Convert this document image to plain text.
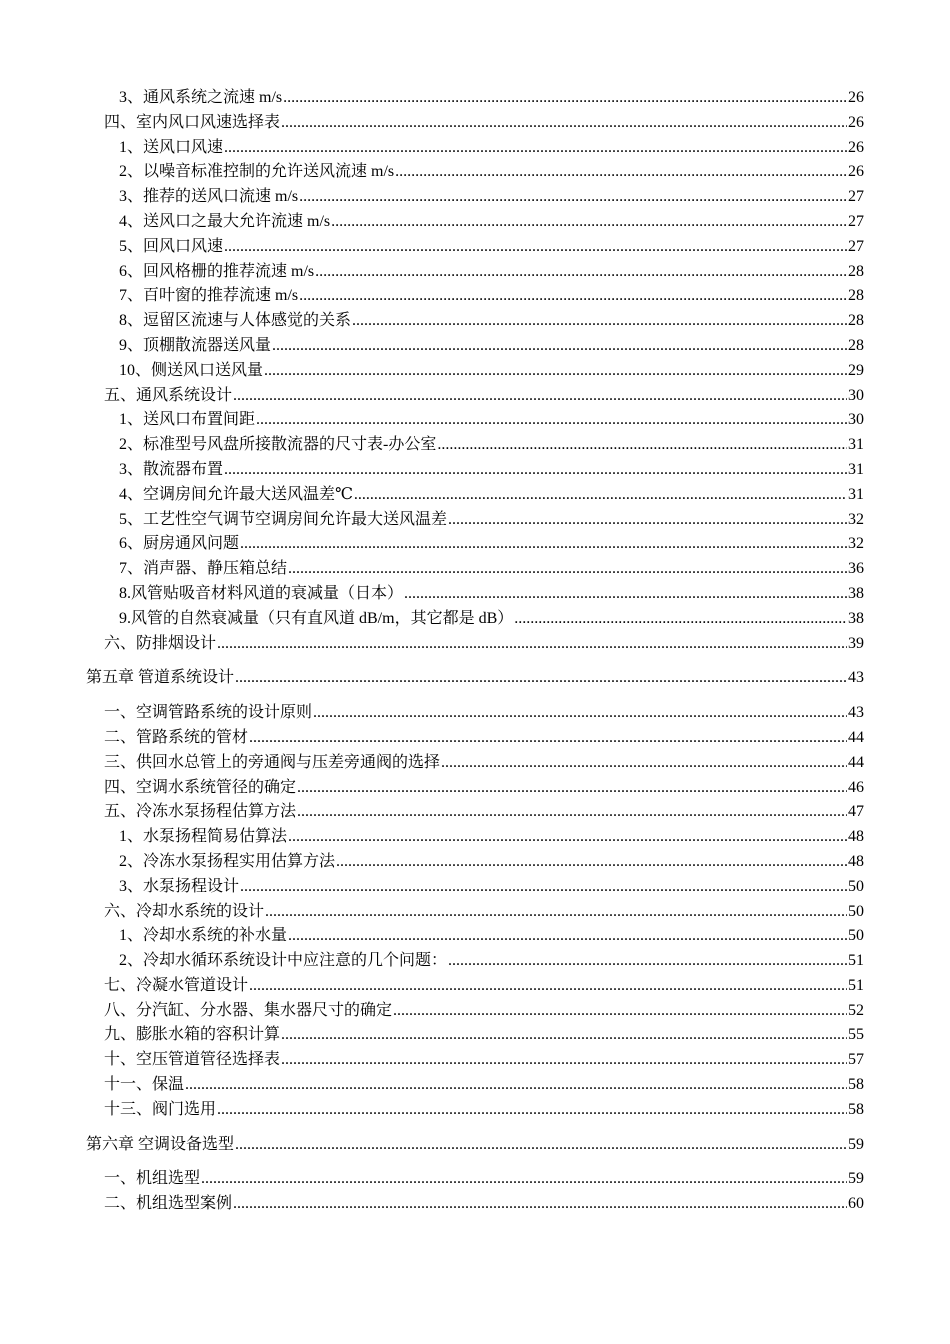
3、通风系统之流速 m/s .....	26
四、室内风口风速选择表 .....	26
1、送风口风速 .....	26
2、以噪音标准控制的允许送风流速 m/s .....	26
3、推荐的送风口流速 m/s .....	27
4、送风口之最大允许流速 m/s .....	27
5、回风口风速 .....	27
6、回风格栅的推荐流速 m/s .....	28
7、百叶窗的推荐流速 m/s .....	28
8、逗留区流速与人体感觉的关系 .....	28
9、顶棚散流器送风量 .....	28
10、侧送风口送风量 .....	29
五、通风系统设计 .....	30
1、送风口布置间距 .....	30
2、标准型号风盘所接散流器的尺寸表-办公室 .....	31
3、散流器布置 .....	31
4、空调房间允许最大送风温差℃ .....	31
5、工艺性空气调节空调房间允许最大送风温差 .....	32
6、厨房通风问题 .....	32
7、消声器、静压箱总结 .....	36
8.风管贴吸音材料风道的衰减量（日本） .....	38
9.风管的自然衰减量（只有直风道 dB/m，其它都是 dB） .....	38
六、防排烟设计 .....	39
第五章 管道系统设计 .....	43
一、空调管路系统的设计原则 .....	43
二、管路系统的管材 .....	44
三、供回水总管上的旁通阀与压差旁通阀的选择 .....	44
四、空调水系统管径的确定 .....	46
五、冷冻水泵扬程估算方法 .....	47
1、水泵扬程简易估算法 .....	48
2、冷冻水泵扬程实用估算方法 .....	48
3、水泵扬程设计 .....	50
六、冷却水系统的设计 .....	50
1、冷却水系统的补水量 .....	50
2、冷却水循环系统设计中应注意的几个问题： .....	51
七、冷凝水管道设计 .....	51
八、分汽缸、分水器、集水器尺寸的确定 .....	52
九、膨胀水箱的容积计算 .....	55
十、空压管道管径选择表 .....	57
十一、保温 .....	58
十三、阀门选用 .....	58
第六章 空调设备选型 .....	59
一、机组选型 .....	59
二、机组选型案例 .....	60
